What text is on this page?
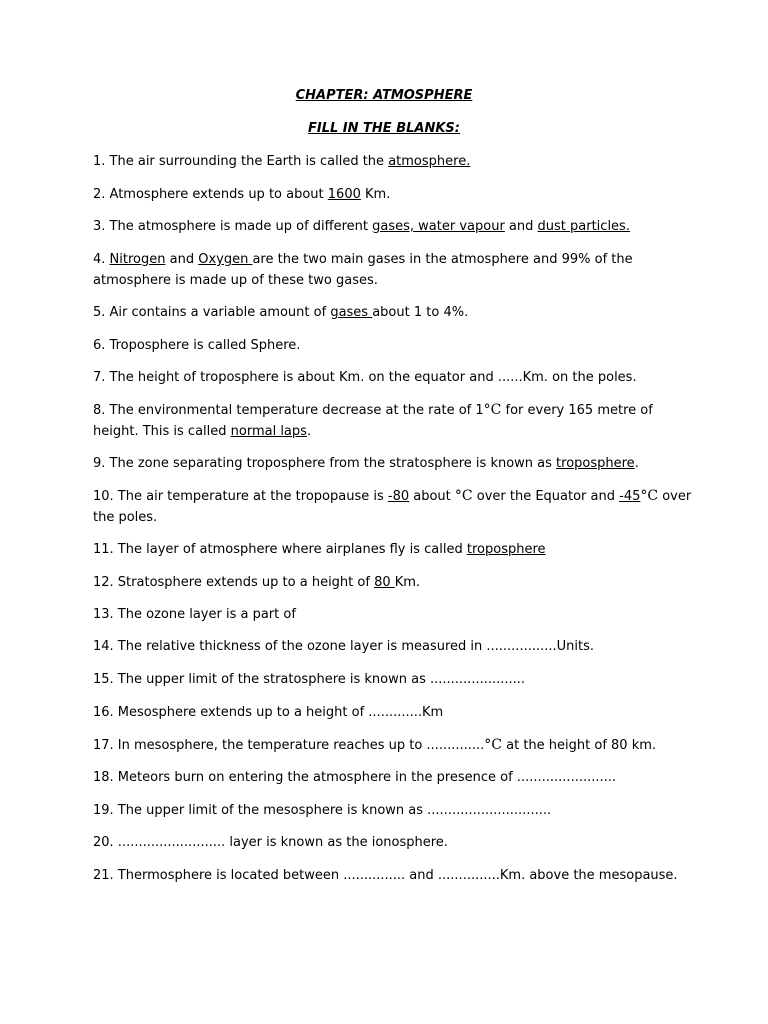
CHAPTER: ATMOSPHERE
FILL IN THE BLANKS:
1. The air surrounding the Earth is called the atmosphere.
2. Atmosphere extends up to about 1600 Km.
3. The atmosphere is made up of different gases, water vapour and dust particles.
4. Nitrogen and Oxygen are the two main gases in the atmosphere and 99% of the
atmosphere is made up of these two gases.
5. Air contains a variable amount of gases about 1 to 4%.
6. Troposphere is called Sphere.
7. The height of troposphere is about Km. on the equator and ......Km. on the poles.
8. The environmental temperature decrease at the rate of 1°C for every 165 metre of
height. This is called normal laps.
9. The zone separating troposphere from the stratosphere is known as troposphere.
10. The air temperature at the tropopause is -80 about °C over the Equator and -45°C over
the poles.
11. The layer of atmosphere where airplanes fly is called troposphere
12. Stratosphere extends up to a height of 80 Km.
13. The ozone layer is a part of
14. The relative thickness of the ozone layer is measured in .................Units.
15. The upper limit of the stratosphere is known as .......................
16. Mesosphere extends up to a height of .............Km
17. In mesosphere, the temperature reaches up to ..............°C at the height of 80 km.
18. Meteors burn on entering the atmosphere in the presence of ........................
19. The upper limit of the mesosphere is known as ..............................
20. .......................... layer is known as the ionosphere.
21. Thermosphere is located between ............... and ...............Km. above the mesopause.
